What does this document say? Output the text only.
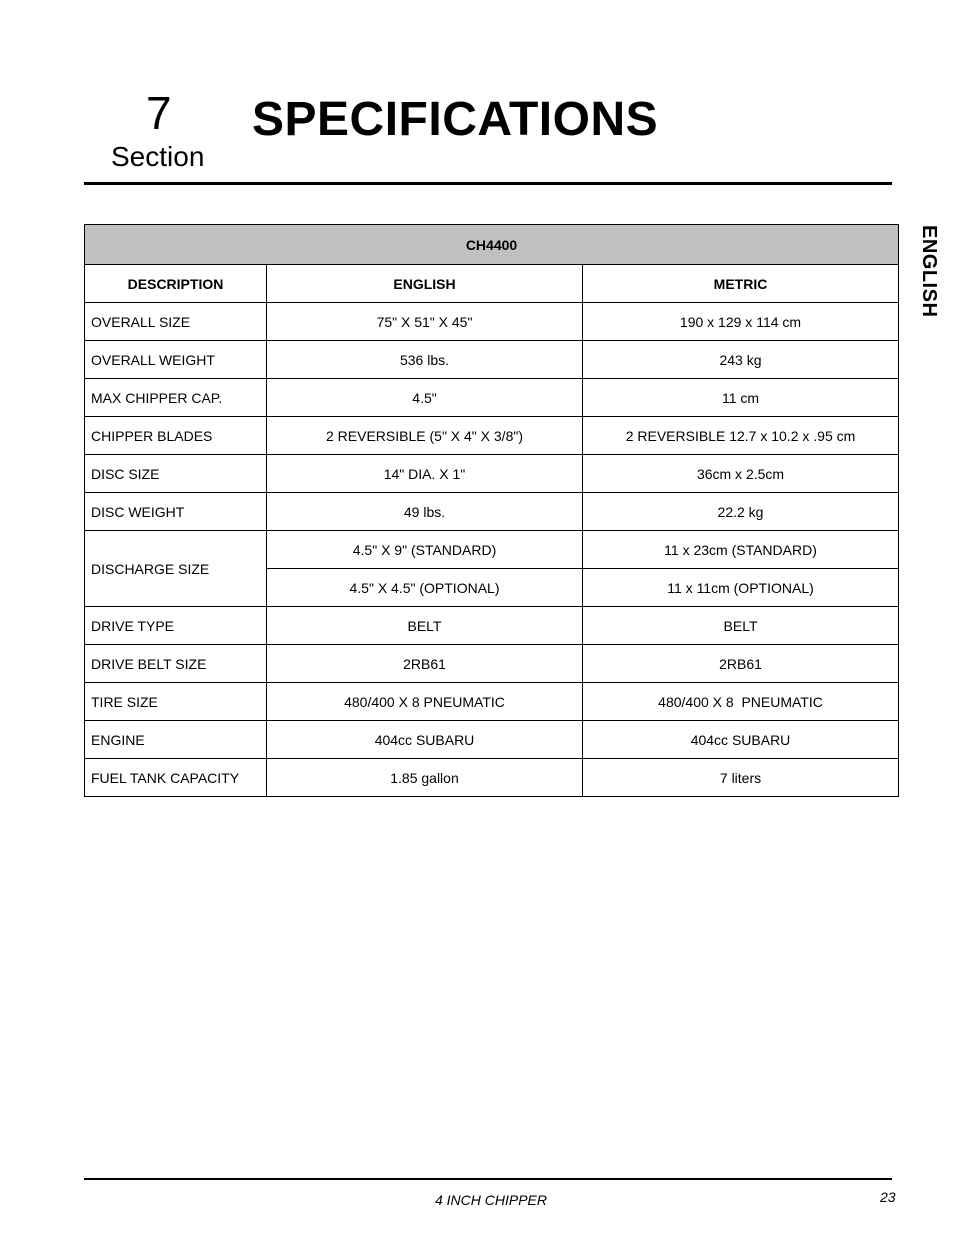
7
Section
SPECIFICATIONS
ENGLISH
CH4400		
DESCRIPTION	ENGLISH	METRIC
OVERALL SIZE	75" X 51" X 45"	190 x 129 x 114 cm
OVERALL WEIGHT	536 lbs.	243 kg
MAX CHIPPER CAP.	4.5"	11 cm
CHIPPER BLADES	2 REVERSIBLE (5" X 4" X 3/8")	2 REVERSIBLE 12.7 x 10.2 x .95 cm
DISC SIZE	14" DIA. X 1"	36cm x 2.5cm
DISC WEIGHT	49 lbs.	22.2 kg
DISCHARGE SIZE	4.5" X 9" (STANDARD)	11 x 23cm (STANDARD)
	4.5" X 4.5" (OPTIONAL)	11 x 11cm (OPTIONAL)
DRIVE TYPE	BELT	BELT
DRIVE BELT SIZE	2RB61	2RB61
TIRE SIZE	480/400 X 8 PNEUMATIC	480/400 X 8  PNEUMATIC
ENGINE	404cc SUBARU	404cc SUBARU
FUEL TANK CAPACITY	1.85 gallon	7 liters
4 INCH CHIPPER	23
